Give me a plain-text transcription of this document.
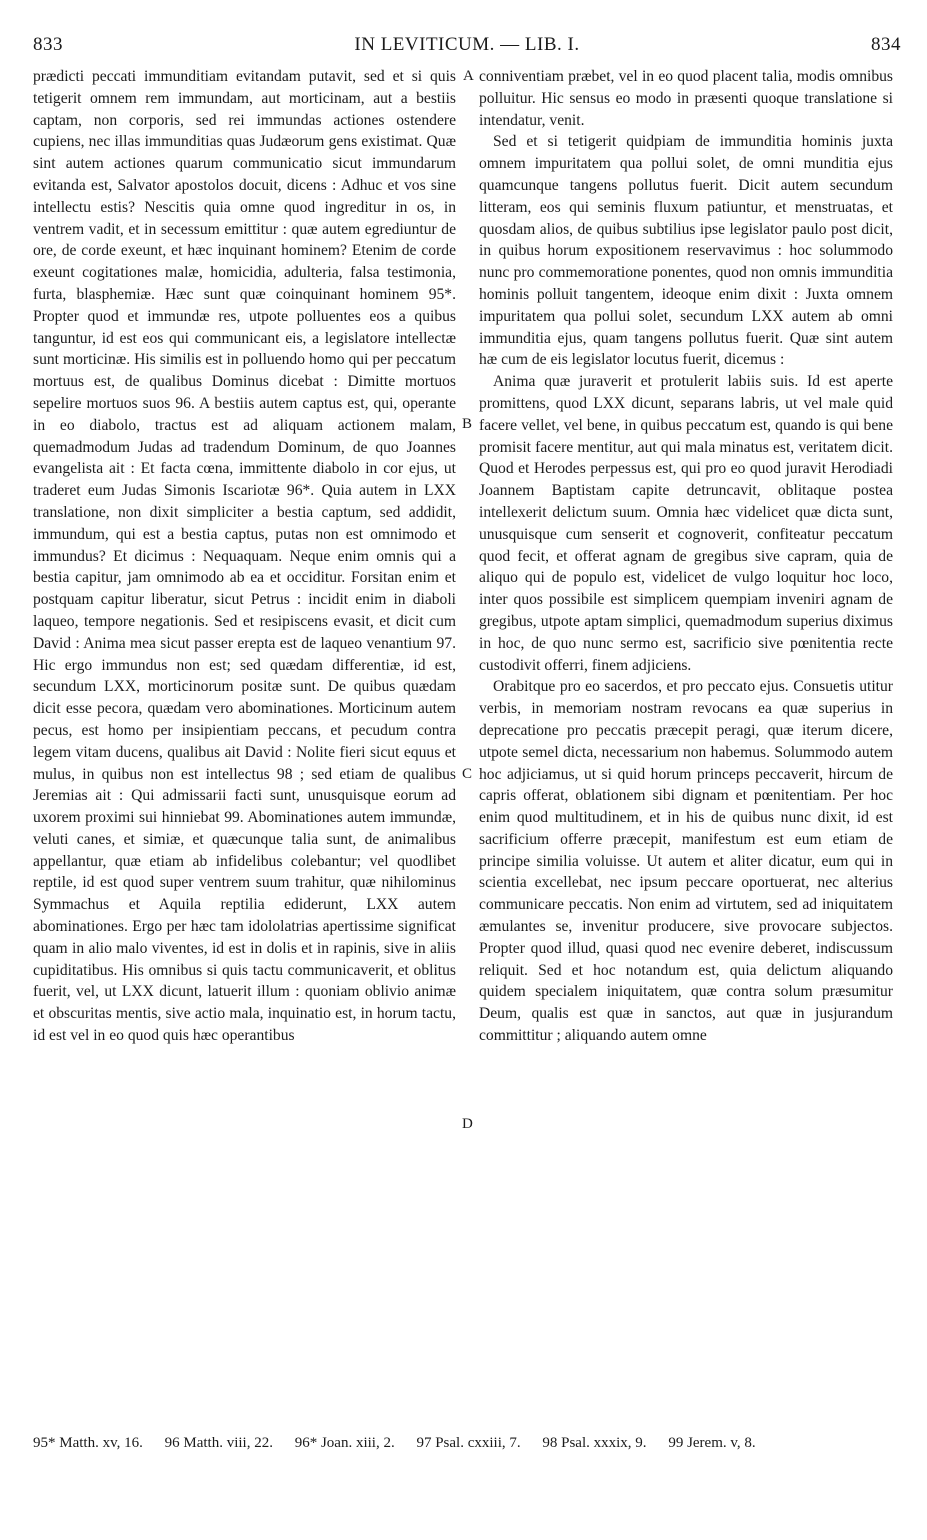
833	IN LEVITICUM. — LIB. I.	834

prædicti peccati immunditiam evitandam putavit, sed et si quis tetigerit omnem rem immundam, aut morticinam, aut a bestiis captam, non corporis, sed rei immundas actiones ostendere cupiens, nec illas immunditias quas Judæorum gens existimat. Quæ sint autem actiones quarum communicatio sicut immundarum evitanda est, Salvator apostolos docuit, dicens : Adhuc et vos sine intellectu estis? Nescitis quia omne quod ingreditur in os, in ventrem vadit, et in secessum emittitur : quæ autem egrediuntur de ore, de corde exeunt, et hæc inquinant hominem? Etenim de corde exeunt cogitationes malæ, homicidia, adulteria, falsa testimonia, furta, blasphemiæ. Hæc sunt quæ coinquinant hominem 95*. Propter quod et immundæ res, utpote polluentes eos a quibus tanguntur, id est eos qui communicant eis, a legislatore intellectæ sunt morticinæ. His similis est in polluendo homo qui per peccatum mortuus est, de qualibus Dominus dicebat : Dimitte mortuos sepelire mortuos suos 96. A bestiis autem captus est, qui, operante in eo diabolo, tractus est ad aliquam actionem malam, quemadmodum Judas ad tradendum Dominum, de quo Joannes evangelista ait : Et facta cœna, immittente diabolo in cor ejus, ut traderet eum Judas Simonis Iscariotæ 96*. Quia autem in LXX translatione, non dixit simpliciter a bestia captum, sed addidit, immundum, qui est a bestia captus, putas non est omnimodo et immundus? Et dicimus : Nequaquam. Neque enim omnis qui a bestia capitur, jam omnimodo ab ea et occiditur. Forsitan enim et postquam capitur liberatur, sicut Petrus : incidit enim in diaboli laqueo, tempore negationis. Sed et resipiscens evasit, et dicit cum David : Anima mea sicut passer erepta est de laqueo venantium 97. Hic ergo immundus non est; sed quædam differentiæ, id est, secundum LXX, morticinorum positæ sunt. De quibus quædam dicit esse pecora, quædam vero abominationes. Morticinum autem pecus, est homo per insipientiam peccans, et pecudum contra legem vitam ducens, qualibus ait David : Nolite fieri sicut equus et mulus, in quibus non est intellectus 98 ; sed etiam de qualibus Jeremias ait : Qui admissarii facti sunt, unusquisque eorum ad uxorem proximi sui hinniebat 99. Abominationes autem immundæ, veluti canes, et simiæ, et quæcunque talia sunt, de animalibus appellantur, quæ etiam ab infidelibus colebantur; vel quodlibet reptile, id est quod super ventrem suum trahitur, quæ nihilominus Symmachus et Aquila reptilia ediderunt, LXX autem abominationes. Ergo per hæc tam idololatrias apertissime significat quam in alio malo viventes, id est in dolis et in rapinis, sive in aliis cupiditatibus. His omnibus si quis tactu communicaverit, et oblitus fuerit, vel, ut LXX dicunt, latuerit illum : quoniam oblivio animæ et obscuritas mentis, sive actio mala, inquinatio est, in horum tactu, id est vel in eo quod quis hæc operantibus

A
B
C
D

conniventiam præbet, vel in eo quod placent talia, modis omnibus polluitur. Hic sensus eo modo in præsenti quoque translatione si intendatur, venit.

Sed et si tetigerit quidpiam de immunditia hominis juxta omnem impuritatem qua pollui solet, de omni munditia ejus quamcunque tangens pollutus fuerit. Dicit autem secundum litteram, eos qui seminis fluxum patiuntur, et menstruatas, et quosdam alios, de quibus subtilius ipse legislator paulo post dicit, in quibus horum expositionem reservavimus : hoc solummodo nunc pro commemoratione ponentes, quod non omnis immunditia hominis polluit tangentem, ideoque enim dixit : Juxta omnem impuritatem qua pollui solet, secundum LXX autem ab omni immunditia ejus, quam tangens pollutus fuerit. Quæ sint autem hæ cum de eis legislator locutus fuerit, dicemus :

Anima quæ juraverit et protulerit labiis suis. Id est aperte promittens, quod LXX dicunt, separans labris, ut vel male quid facere vellet, vel bene, in quibus peccatum est, quando is qui bene promisit facere mentitur, aut qui mala minatus est, veritatem dicit. Quod et Herodes perpessus est, qui pro eo quod juravit Herodiadi Joannem Baptistam capite detruncavit, oblitaque postea intellexerit delictum suum. Omnia hæc videlicet quæ dicta sunt, unusquisque cum senserit et cognoverit, confiteatur peccatum quod fecit, et offerat agnam de gregibus sive capram, quia de aliquo qui de populo est, videlicet de vulgo loquitur hoc loco, inter quos possibile est simplicem quempiam inveniri agnam de gregibus, utpote aptam simplici, quemadmodum superius diximus in hoc, de quo nunc sermo est, sacrificio sive pœnitentia recte custodivit offerri, finem adjiciens.

Orabitque pro eo sacerdos, et pro peccato ejus. Consuetis utitur verbis, in memoriam nostram revocans ea quæ superius in deprecatione pro peccatis præcepit peragi, quæ iterum dicere, utpote semel dicta, necessarium non habemus. Solummodo autem hoc adjiciamus, ut si quid horum princeps peccaverit, hircum de capris offerat, oblationem sibi dignam et pœnitentiam. Per hoc enim quod multitudinem, et in his de quibus nunc dixit, id est sacrificium offerre præcepit, manifestum est eum etiam de principe similia voluisse. Ut autem et aliter dicatur, eum qui in scientia excellebat, nec ipsum peccare oportuerat, nec alterius communicare peccatis. Non enim ad virtutem, sed ad iniquitatem æmulantes se, invenitur producere, sive provocare subjectos. Propter quod illud, quasi quod nec evenire deberet, indiscussum reliquit. Sed et hoc notandum est, quia delictum aliquando quidem specialem iniquitatem, quæ contra solum præsumitur Deum, qualis est quæ in sanctos, aut quæ in jusjurandum committitur ; aliquando autem omne

95* Matth. xv, 16. 96 Matth. viii, 22. 96* Joan. xiii, 2. 97 Psal. cxxiii, 7. 98 Psal. xxxix, 9. 99 Jerem. v, 8.
